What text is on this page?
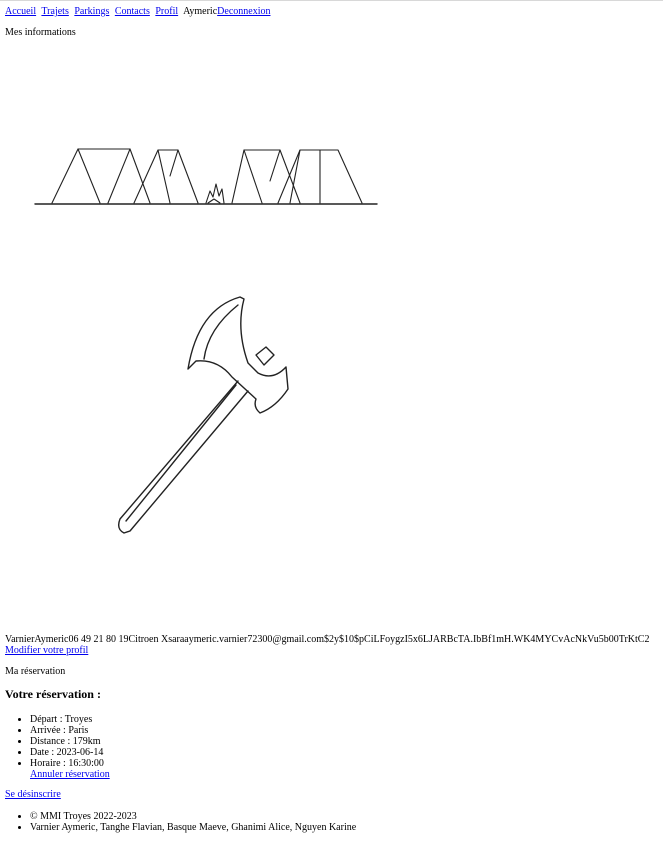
Accueil Trajets Parkings Contacts Profil AymericDeconnexion
Mes informations
VarnierAymeric06 49 21 80 19Citroen Xsaraaymeric.varnier72300@gmail.com$2y$10$pCiLFoygzI5x6LJARBcTA.IbBf1mH.WK4MYCvAcNkVu5b00TrKtC2
Modifier votre profil
Ma réservation
Votre réservation :
• Départ : Troyes
• Arrivée : Paris
• Distance : 179km
• Date : 2023-06-14
• Horaire : 16:30:00
Annuler réservation
Se désinscrire
• © MMI Troyes 2022-2023
• Varnier Aymeric, Tanghe Flavian, Basque Maeve, Ghanimi Alice, Nguyen Karine
